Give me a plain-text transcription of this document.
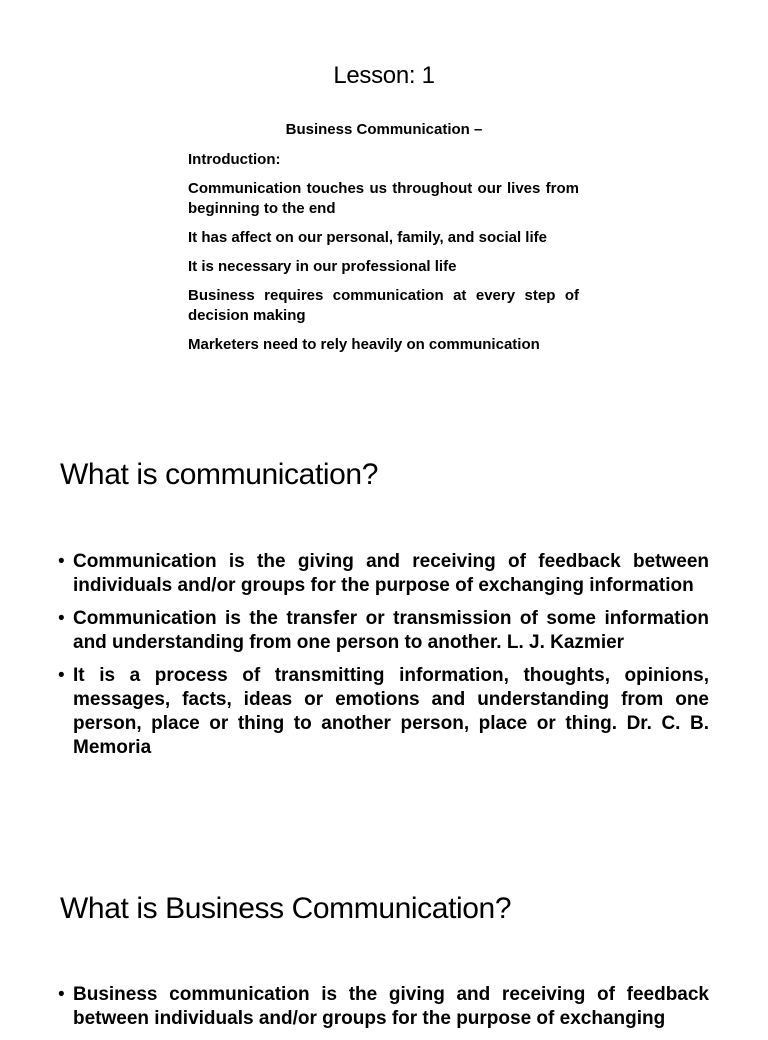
Lesson: 1
Business Communication –
Introduction:
Communication touches us throughout our lives from beginning to the end
It has affect on our personal, family, and social life
It is necessary in our professional life
Business requires communication at every step of decision making
Marketers need to rely heavily on communication
What is communication?
• Communication is the giving and receiving of feedback between individuals and/or groups for the purpose of exchanging information
• Communication is the transfer or transmission of some information and understanding from one person to another. L. J. Kazmier
• It is a process of transmitting information, thoughts, opinions, messages, facts, ideas or emotions and understanding from one person, place or thing to another person, place or thing. Dr. C. B. Memoria
What is Business Communication?
• Business communication is the giving and receiving of feedback between individuals and/or groups for the purpose of exchanging
